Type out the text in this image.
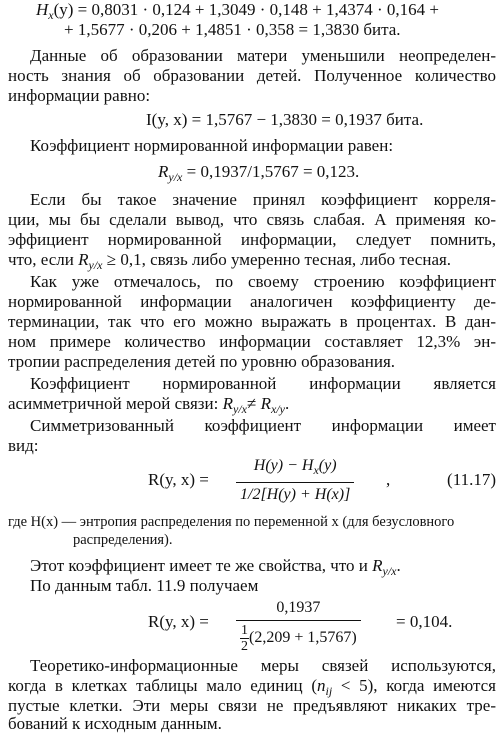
$H_x(y) = 0,8031 \cdot 0,124 + 1,3049 \cdot 0,148 + 1,4374 \cdot 0,164$ +
+ 1,5677 · 0,206 + 1,4851 · 0,358 = 1,3830 бита.
Данные об образовании матери уменьшили неопределен-
ность знания об образовании детей. Полученное количество
информации равно:
I(y, x) = 1,5767 − 1,3830 = 0,1937 бита.
Коэффициент нормированной информации равен:
$R_{y/x} = 0,1937/1,5767 = 0,123$.
Если бы такое значение принял коэффициент корреля-
ции, мы бы сделали вывод, что связь слабая. А применяя ко-
эффициент нормированной информации, следует помнить,
что, если $R_{y/x} \ge 0,1$, связь либо умеренно тесная, либо тесная.
Как уже отмечалось, по своему строению коэффициент
нормированной информации аналогичен коэффициенту де-
терминации, так что его можно выражать в процентах. В дан-
ном примере количество информации составляет 12,3% эн-
тропии распределения детей по уровню образования.
Коэффициент нормированной информации является
асимметричной мерой связи: $R_{y/x}\ne R_{x/y}$.
Симметризованный коэффициент информации имеет
вид:
R(y, $x) = \frac{H(y) - H_x(y)}{1/2[H(y) + H(x)]}$ ,	(11.17)
где H(x) — энтропия распределения по переменной x (для безусловного
распределения).
Этот коэффициент имеет те же свойства, что и $R_{y/x}$.
По данным табл. 11.9 получаем
R(y, $x) = \frac{0,1937}{\frac{1}{2} (2,209 + 1,5767)} = 0,104$.
Теоретико-информационные меры связей используются,
когда в клетках таблицы мало единиц $(n_{ij} < 5)$, когда имеются
пустые клетки. Эти меры связи не предъявляют никаких тре-
бований к исходным данным.
